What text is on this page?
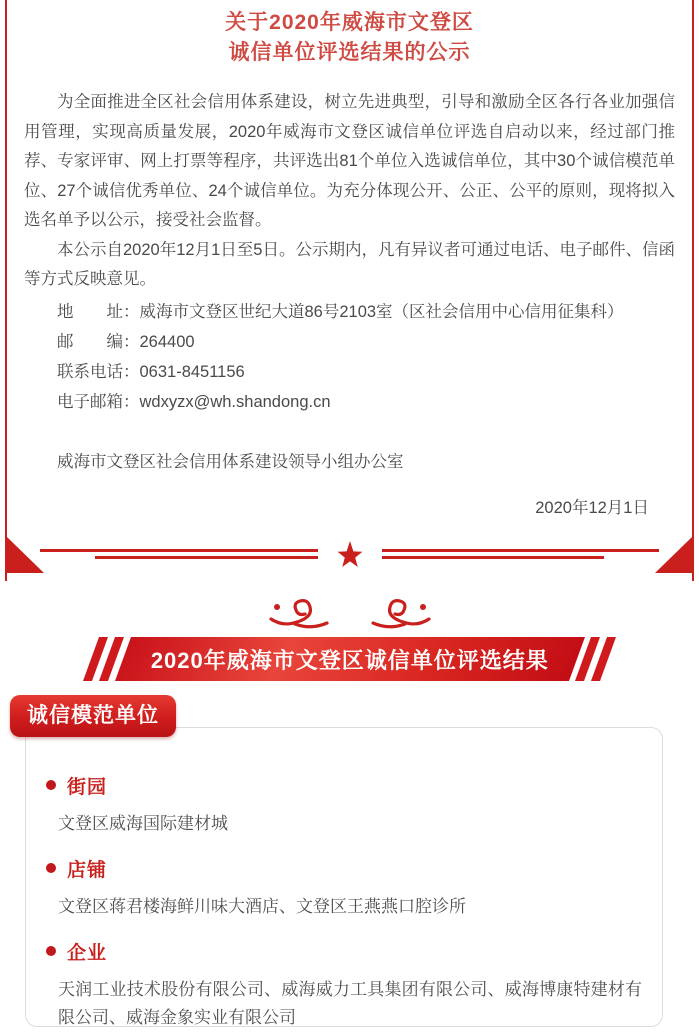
关于2020年威海市文登区
诚信单位评选结果的公示

为全面推进全区社会信用体系建设，树立先进典型，引导和激励全区各行各业加强信用管理，实现高质量发展，2020年威海市文登区诚信单位评选自启动以来，经过部门推荐、专家评审、网上打票等程序，共评选出81个单位入选诚信单位，其中30个诚信模范单位、27个诚信优秀单位、24个诚信单位。为充分体现公开、公正、公平的原则，现将拟入选名单予以公示，接受社会监督。

本公示自2020年12月1日至5日。公示期内，凡有异议者可通过电话、电子邮件、信函等方式反映意见。

地　　址：威海市文登区世纪大道86号2103室（区社会信用中心信用征集科）
邮　　编：264400
联系电话：0631-8451156
电子邮箱：wdxyzx@wh.shandong.cn
威海市文登区社会信用体系建设领导小组办公室
2020年12月1日
2020年威海市文登区诚信单位评选结果
诚信模范单位
街园
文登区威海国际建材城
店铺
文登区蒋君楼海鲜川味大酒店、文登区王燕燕口腔诊所
企业
天润工业技术股份有限公司、威海威力工具集团有限公司、威海博康特建材有限公司、威海金象实业有限公司
